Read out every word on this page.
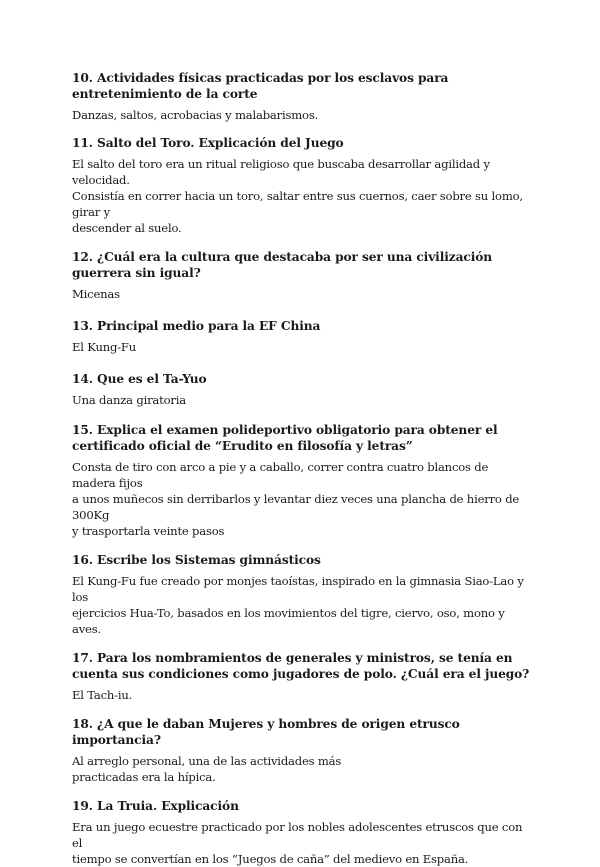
10. Actividades físicas practicadas por los esclavos para entretenimiento de la corte

Danzas, saltos, acrobacias y malabarismos.

11. Salto del Toro. Explicación del Juego

El salto del toro era un ritual religioso que buscaba desarrollar agilidad y velocidad.
Consistía en correr hacia un toro, saltar entre sus cuernos, caer sobre su lomo, girar y
descender al suelo.

12. ¿Cuál era la cultura que destacaba por ser una civilización guerrera sin igual?

Micenas

13. Principal medio para la EF China

El Kung-Fu

14. Que es el Ta-Yuo

Una danza giratoria

15. Explica el examen polideportivo obligatorio para obtener el certificado oficial de “Erudito en filosofía y letras”

Consta de tiro con arco a pie y a caballo, correr contra cuatro blancos de madera fijos
a unos muñecos sin derribarlos y levantar diez veces una plancha de hierro de 300Kg
y trasportarla veinte pasos

16. Escribe los Sistemas gimnásticos

El Kung-Fu fue creado por monjes taoístas, inspirado en la gimnasia Siao-Lao y los
ejercicios Hua-To, basados en los movimientos del tigre, ciervo, oso, mono y aves.

17. Para los nombramientos de generales y ministros, se tenía en cuenta sus condiciones como jugadores de polo. ¿Cuál era el juego?

El Tach-iu.

18. ¿A que le daban Mujeres y hombres de origen etrusco importancia?

Al arreglo personal, una de las actividades más
practicadas era la hípica.

19. La Truia. Explicación

Era un juego ecuestre practicado por los nobles adolescentes etruscos que con el
tiempo se convertían en los “Juegos de caña” del medievo en España.
